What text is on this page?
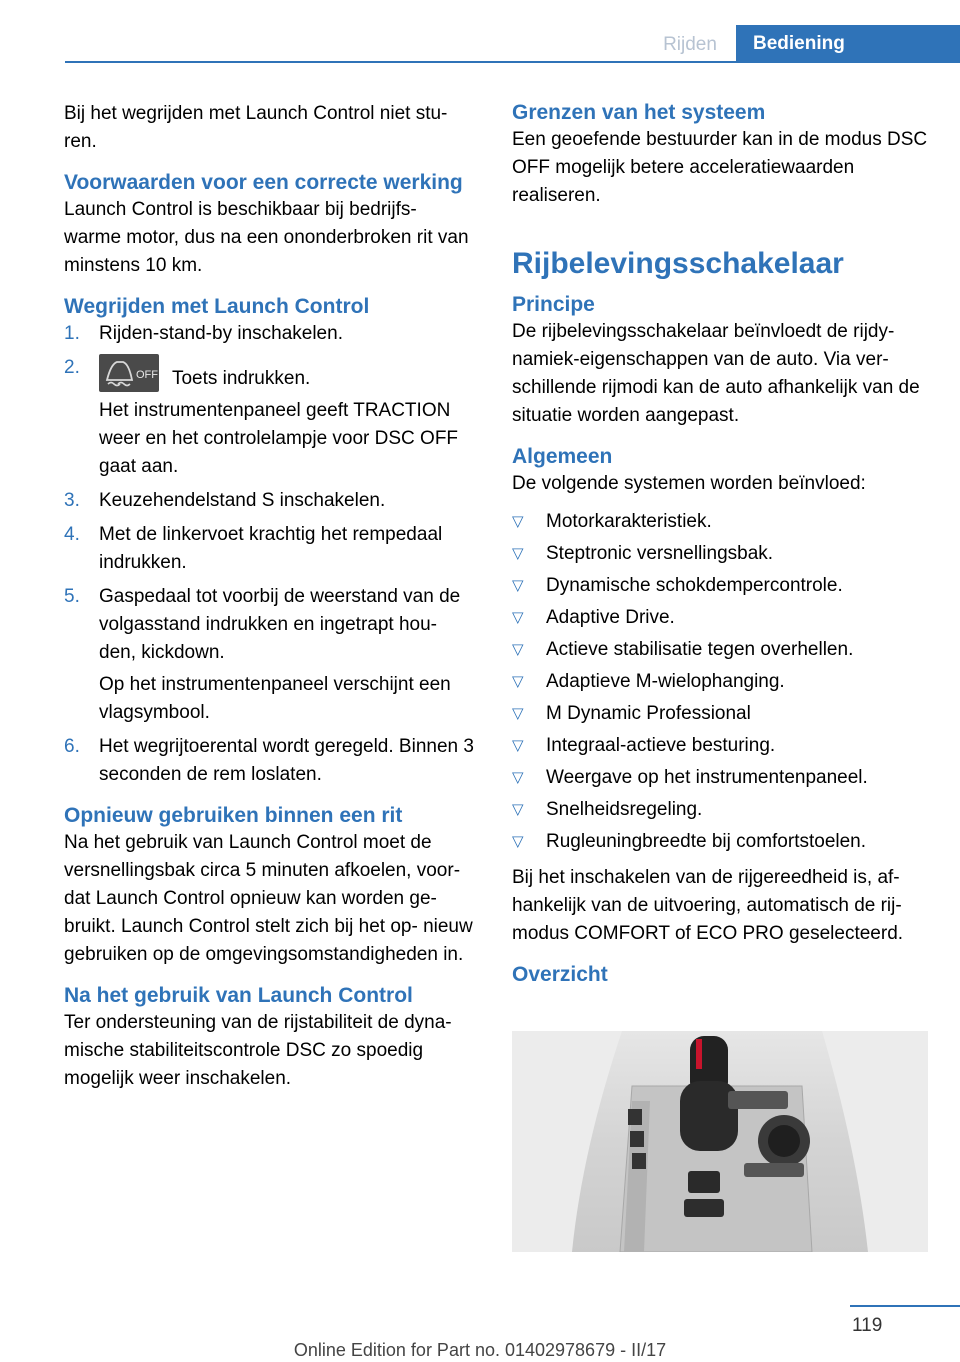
Rijden	Bediening

Bij het wegrijden met Launch Control niet stu- ren.

Voorwaarden voor een correcte werking

Launch Control is beschikbaar bij bedrijfs- warme motor, dus na een ononderbroken rit van minstens 10 km.

Wegrijden met Launch Control
1. Rijden-stand-by inschakelen.
2.	OFF Toets indrukken.
Het instrumentenpaneel geeft TRACTION weer en het controlelampje voor DSC OFF gaat aan.
3. Keuzehendelstand S inschakelen.
4. Met de linkervoet krachtig het rempedaal indrukken.
5. Gaspedaal tot voorbij de weerstand van de volgasstand indrukken en ingetrapt hou- den, kickdown.
Op het instrumentenpaneel verschijnt een vlagsymbool.
6. Het wegrijtoerental wordt geregeld. Binnen 3 seconden de rem loslaten.
Opnieuw gebruiken binnen een rit

Na het gebruik van Launch Control moet de versnellingsbak circa 5 minuten afkoelen, voor- dat Launch Control opnieuw kan worden ge- bruikt. Launch Control stelt zich bij het op- nieuw gebruiken op de omgevingsomstandigheden in.

Na het gebruik van Launch Control

Ter ondersteuning van de rijstabiliteit de dyna- mische stabiliteitscontrole DSC zo spoedig mogelijk weer inschakelen.

Grenzen van het systeem

Een geoefende bestuurder kan in de modus DSC OFF mogelijk betere acceleratiewaarden realiseren.

Rijbelevingsschakelaar
Principe

De rijbelevingsschakelaar beïnvloedt de rijdy- namiek-eigenschappen van de auto. Via ver- schillende rijmodi kan de auto afhankelijk van de situatie worden aangepast.

Algemeen

De volgende systemen worden beïnvloed:

▽ Motorkarakteristiek.
▽ Steptronic versnellingsbak.
▽ Dynamische schokdempercontrole.
▽ Adaptive Drive.
▽ Actieve stabilisatie tegen overhellen.
▽ Adaptieve M-wielophanging.
▽ M Dynamic Professional
▽ Integraal-actieve besturing.
▽ Weergave op het instrumentenpaneel.
▽ Snelheidsregeling.
▽ Rugleuningbreedte bij comfortstoelen.

Bij het inschakelen van de rijgereedheid is, af- hankelijk van de uitvoering, automatisch de rij- modus COMFORT of ECO PRO geselecteerd.

Overzicht
119
Online Edition for Part no. 01402978679 - II/17
